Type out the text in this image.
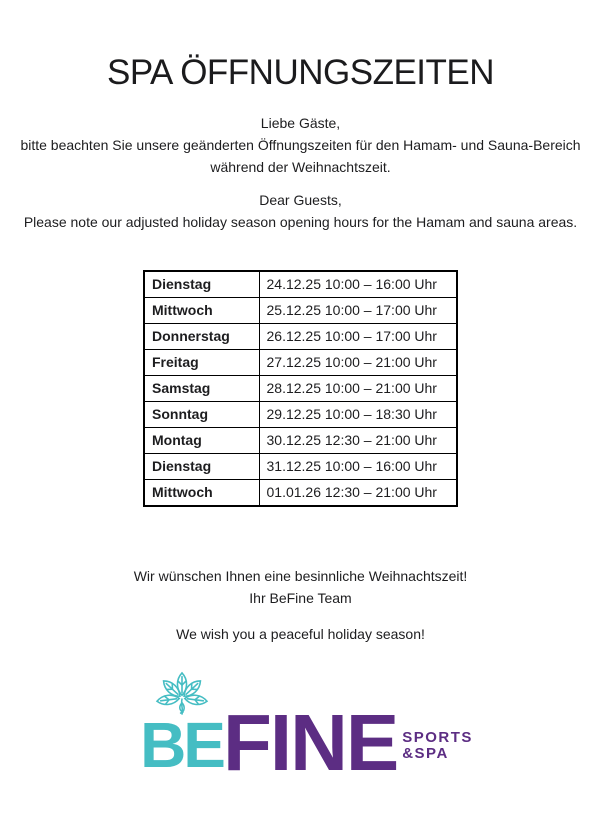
SPA ÖFFNUNGSZEITEN
Liebe Gäste,
bitte beachten Sie unsere geänderten Öffnungszeiten für den Hamam- und Sauna-Bereich
während der Weihnachtszeit.
Dear Guests,
Please note our adjusted holiday season opening hours for the Hamam and sauna areas.
Dienstag	24.12.25 10:00 – 16:00 Uhr
Mittwoch	25.12.25 10:00 – 17:00 Uhr
Donnerstag	26.12.25 10:00 – 17:00 Uhr
Freitag	27.12.25 10:00 – 21:00 Uhr
Samstag	28.12.25 10:00 – 21:00 Uhr
Sonntag	29.12.25 10:00 – 18:30 Uhr
Montag	30.12.25 12:30 – 21:00 Uhr
Dienstag	31.12.25 10:00 – 16:00 Uhr
Mittwoch	01.01.26 12:30 – 21:00 Uhr
Wir wünschen Ihnen eine besinnliche Weihnachtszeit!
Ihr BeFine Team
We wish you a peaceful holiday season!
BE FINE SPORTS
&SPA
